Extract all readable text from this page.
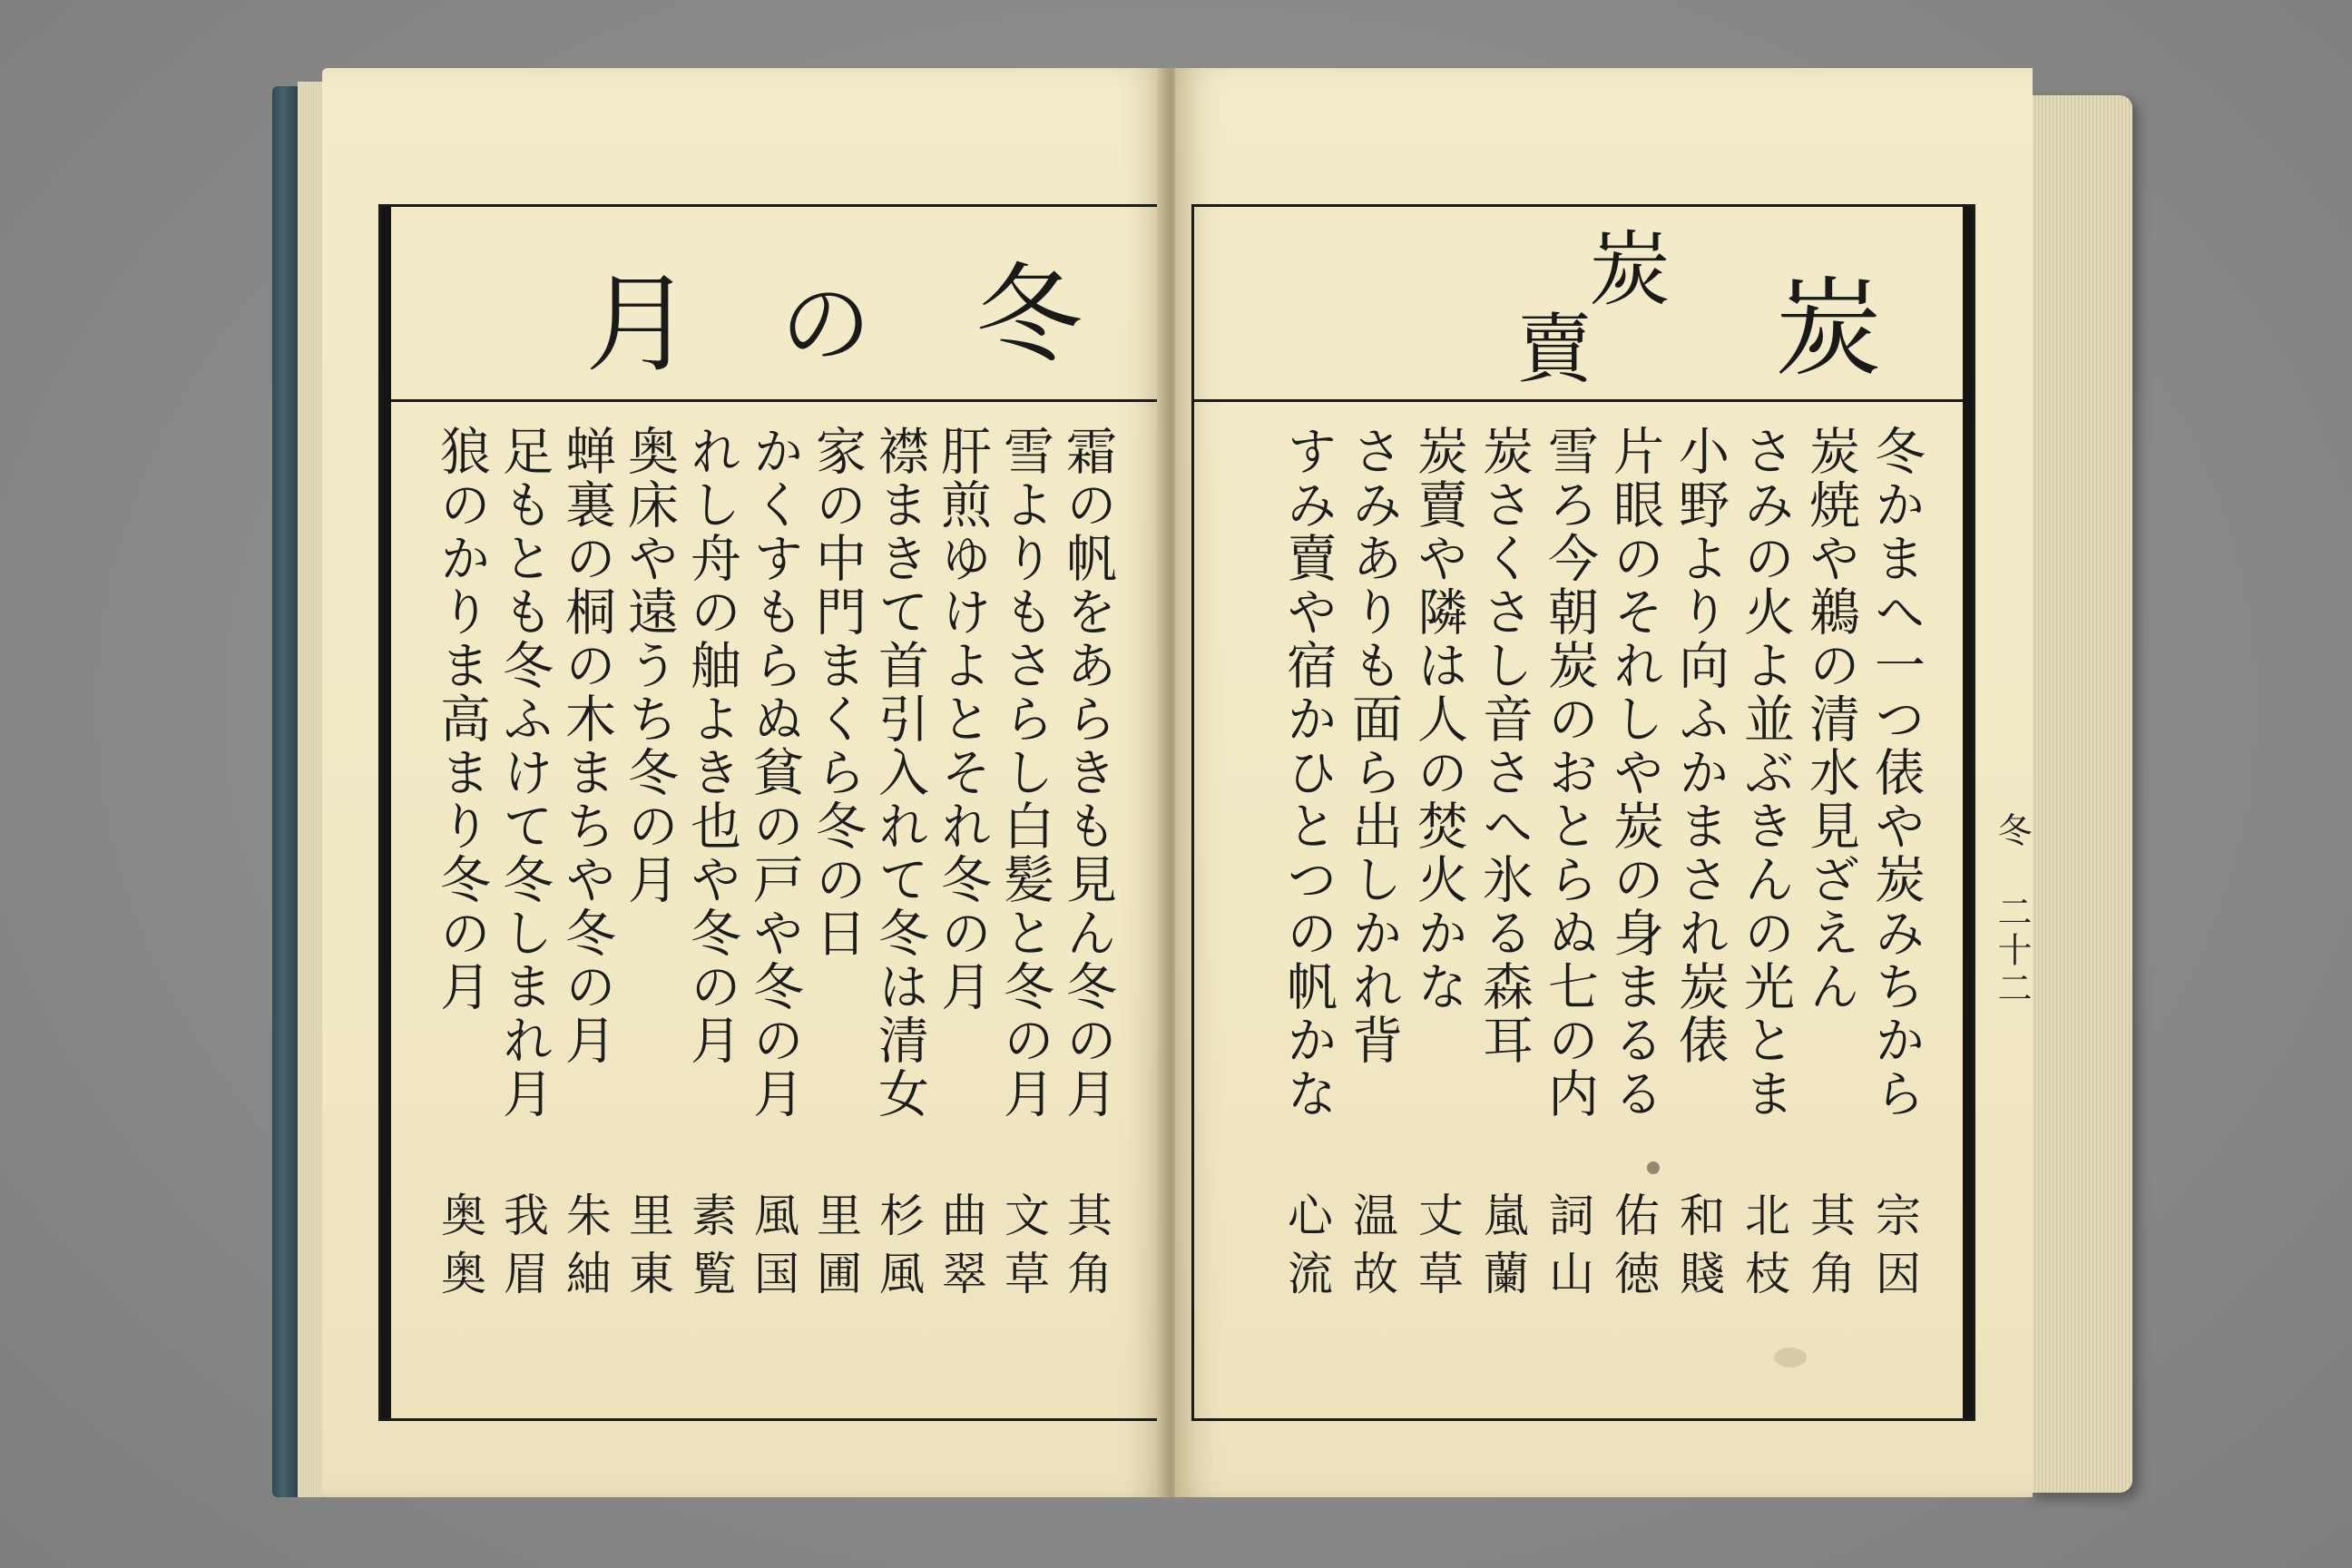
冬
の
月
霜の帆をあらきも見ん冬の月
雪よりもさらし白髪と冬の月
肝煎ゆけよとそれ冬の月
襟まきて首引入れて冬は清女
家の中門まくら冬の日
かくすもらぬ貧の戸や冬の月
れし舟の舳よき也や冬の月
奥床や遠うち冬の月
蝉裏の桐の木まちや冬の月
足もとも冬ふけて冬しまれ月
狼のかりま高まり冬の月
其角
文草
曲翠
杉風
里圃
風国
素覧
里東
朱紬
我眉
奥奥
炭
炭
賣
冬かまへ一つ俵や炭みちから
炭焼や鵜の清水見ざえん
さみの火よ並ぶきんの光とま
小野より向ふかまされ炭俵
片眼のそれしや炭の身まるる
雪ろ今朝炭のおとらぬ七の内
炭さくさし音さへ氷る森耳
炭賣や隣は人の焚火かな
さみありも面ら出しかれ背
すみ賣や宿かひとつの帆かな
宗因
其角
北枝
和賤
佑徳
詞山
嵐蘭
丈草
温故
心流
冬 二十二
